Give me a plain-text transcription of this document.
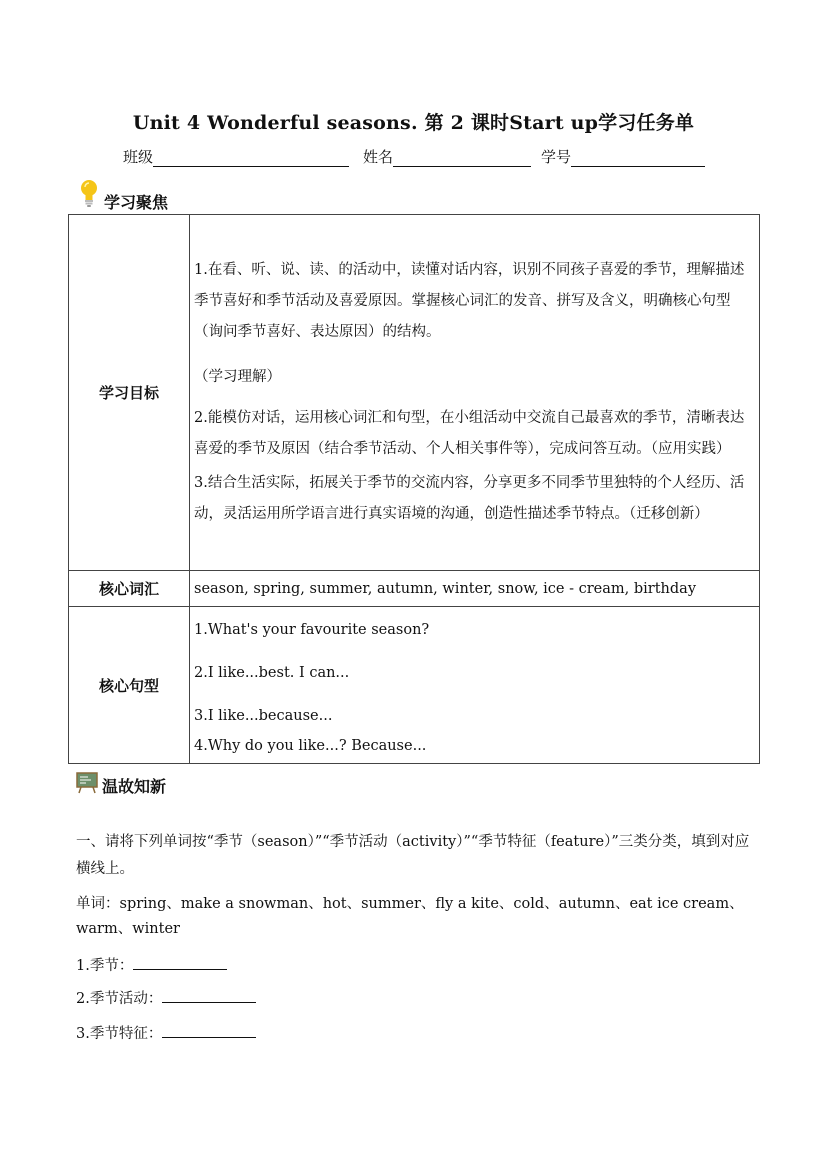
Unit 4 Wonderful seasons. 第 2 课时Start up学习任务单
班级	姓名	学号
学习聚焦
学习目标	1.在看、听、说、读、的活动中，读懂对话内容，识别不同孩子喜爱的季节，理解描述季节喜好和季节活动及喜爱原因。掌握核心词汇的发音、拼写及含义，明确核心句型（询问季节喜好、表达原因）的结构。

（学习理解）

2.能模仿对话，运用核心词汇和句型，在小组活动中交流自己最喜欢的季节，清晰表达喜爱的季节及原因（结合季节活动、个人相关事件等），完成问答互动。（应用实践）

3.结合生活实际，拓展关于季节的交流内容，分享更多不同季节里独特的个人经历、活动，灵活运用所学语言进行真实语境的沟通，创造性描述季节特点。（迁移创新）

核心词汇	season, spring, summer, autumn, winter, snow, ice - cream, birthday
核心句型	1.What's your favourite season?

2.I like...best. I can...

3.I like...because...

4.Why do you like...? Because...

温故知新
一、请将下列单词按“季节（season）”“季节活动（activity）”“季节特征（feature）”三类分类，填到对应横线上。
单词：spring、make a snowman、hot、summer、fly a kite、cold、autumn、eat ice cream、warm、winter
1.季节：
2.季节活动：
3.季节特征：
